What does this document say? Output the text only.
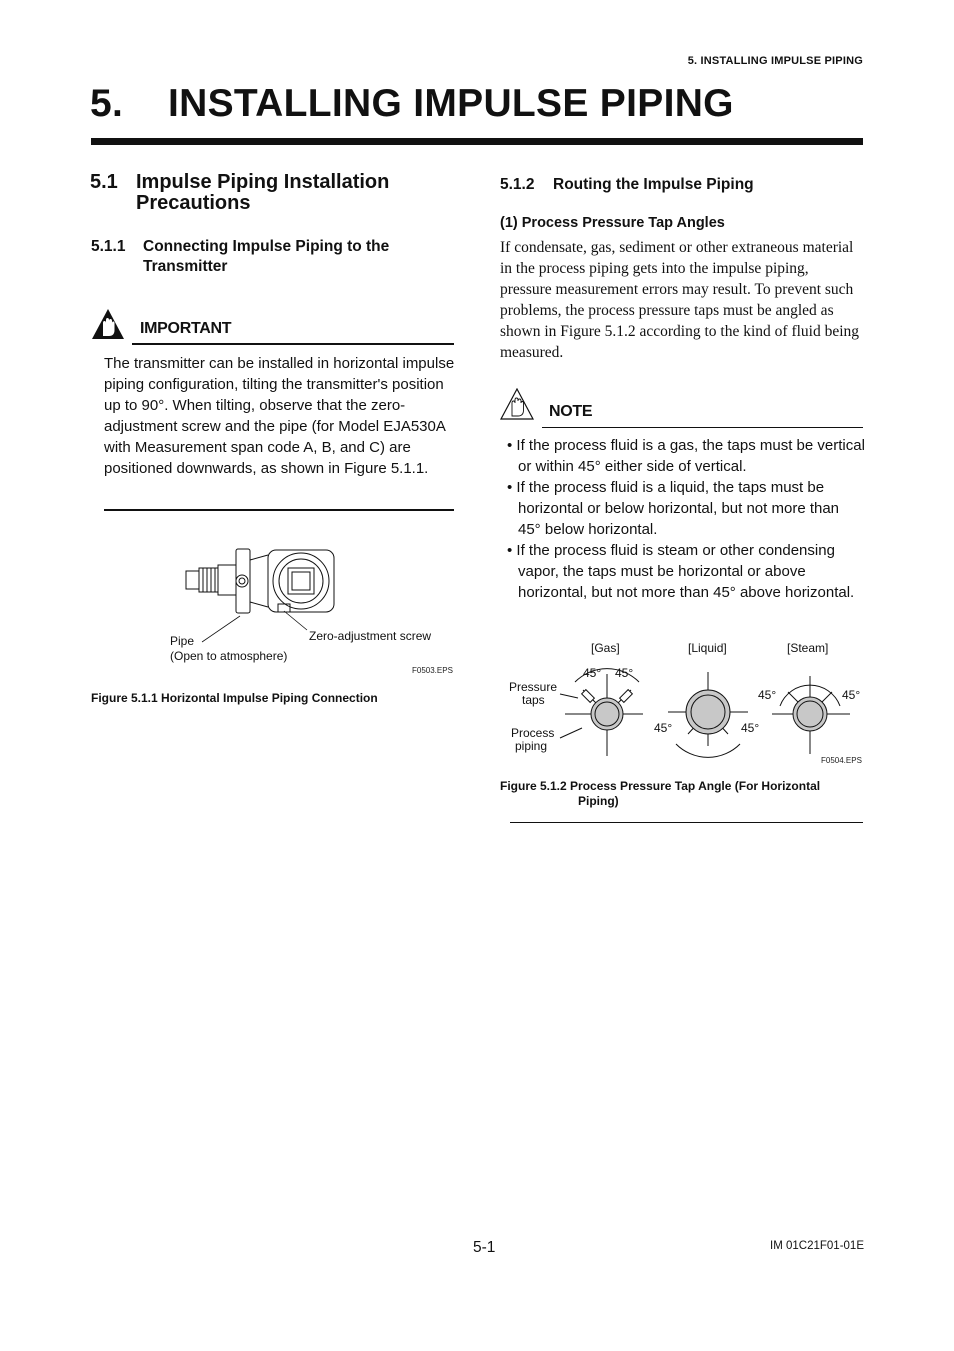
5. INSTALLING IMPULSE PIPING
5. INSTALLING IMPULSE PIPING
5.1 Impulse Piping Installation
Precautions
5.1.1 Connecting Impulse Piping to the
Transmitter
IMPORTANT
The transmitter can be installed in horizontal impulse piping configuration, tilting the transmitter's position up to 90°. When tilting, observe that the zero-adjustment screw and the pipe (for Model EJA530A with Measurement span code A, B, and C) are positioned downwards, as shown in Figure 5.1.1.
Pipe
(Open to atmosphere)
Zero-adjustment screw
F0503.EPS
Figure 5.1.1 Horizontal Impulse Piping Connection
5.1.2 Routing the Impulse Piping
(1) Process Pressure Tap Angles
If condensate, gas, sediment or other extraneous material in the process piping gets into the impulse piping, pressure measurement errors may result. To prevent such problems, the process pressure taps must be angled as shown in Figure 5.1.2 according to the kind of fluid being measured.
NOTE
• If the process fluid is a gas, the taps must be vertical or within 45° either side of vertical.
• If the process fluid is a liquid, the taps must be horizontal or below horizontal, but not more than 45° below horizontal.
• If the process fluid is steam or other condensing vapor, the taps must be horizontal or above horizontal, but not more than 45° above horizontal.
[Gas]	[Liquid]	[Steam]
45° 45°
45°	45°
45°	45°
Pressure
taps
Process
piping
F0504.EPS
Figure 5.1.2 Process Pressure Tap Angle (For Horizontal
Piping)
5-1	IM 01C21F01-01E
